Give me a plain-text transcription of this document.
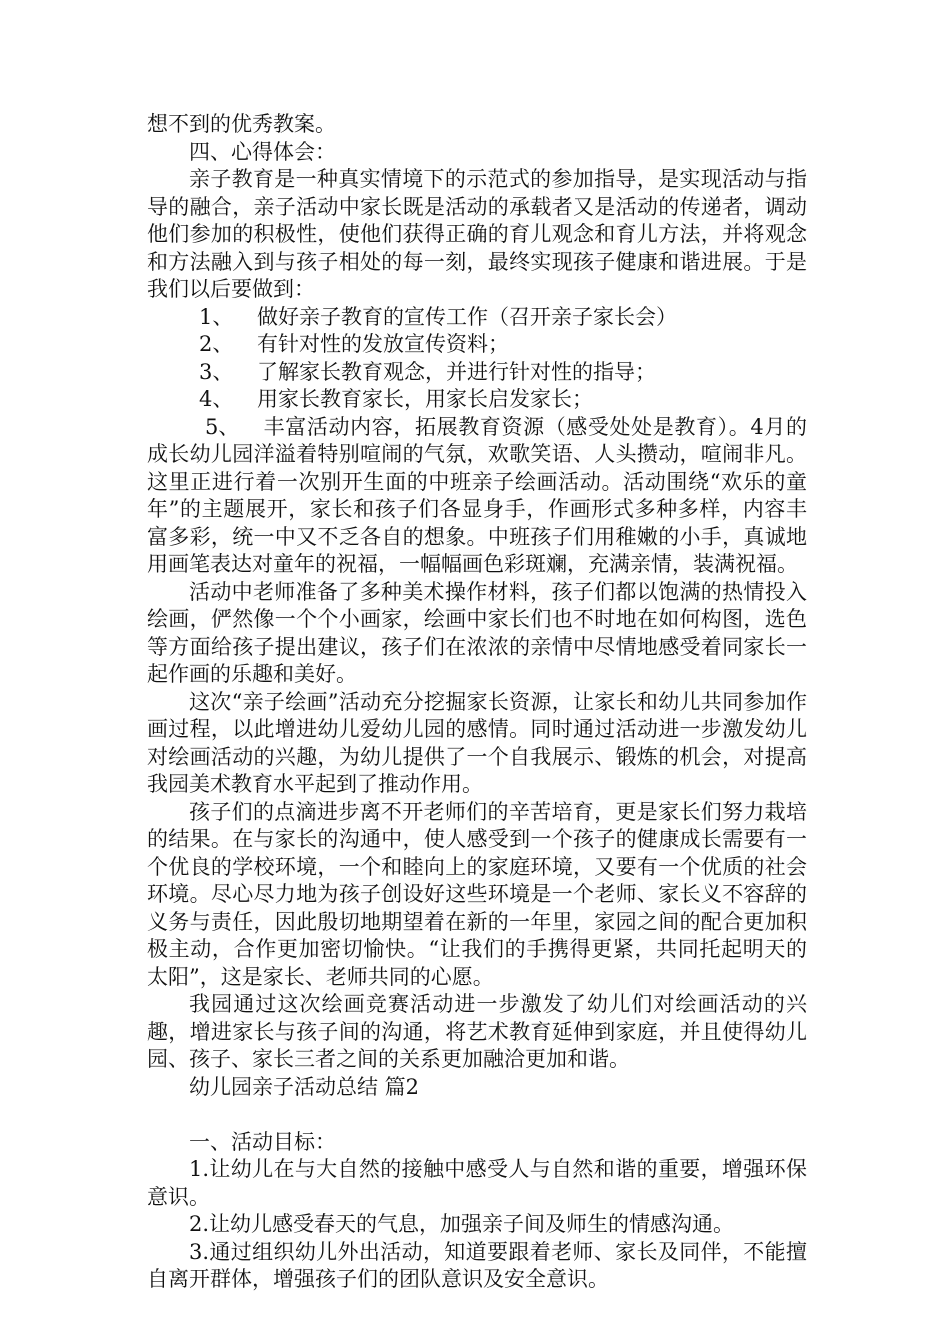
想不到的优秀教案。

四、心得体会：

亲子教育是一种真实情境下的示范式的参加指导，是实现活动与指导的融合，亲子活动中家长既是活动的承载者又是活动的传递者，调动他们参加的积极性，使他们获得正确的育儿观念和育儿方法，并将观念和方法融入到与孩子相处的每一刻，最终实现孩子健康和谐进展。于是我们以后要做到：

1、	做好亲子教育的宣传工作（召开亲子家长会）
2、	有针对性的发放宣传资料；
3、	了解家长教育观念，并进行针对性的指导；
4、	用家长教育家长，用家长启发家长；

5、 丰富活动内容，拓展教育资源（感受处处是教育）。4月的成长幼儿园洋溢着特别喧闹的气氛，欢歌笑语、人头攒动，喧闹非凡。这里正进行着一次别开生面的中班亲子绘画活动。活动围绕“欢乐的童年”的主题展开，家长和孩子们各显身手，作画形式多种多样，内容丰富多彩，统一中又不乏各自的想象。中班孩子们用稚嫩的小手，真诚地用画笔表达对童年的祝福，一幅幅画色彩斑斓，充满亲情，装满祝福。

活动中老师准备了多种美术操作材料，孩子们都以饱满的热情投入绘画，俨然像一个个小画家，绘画中家长们也不时地在如何构图，选色等方面给孩子提出建议，孩子们在浓浓的亲情中尽情地感受着同家长一起作画的乐趣和美好。

这次“亲子绘画”活动充分挖掘家长资源，让家长和幼儿共同参加作画过程，以此增进幼儿爱幼儿园的感情。同时通过活动进一步激发幼儿对绘画活动的兴趣，为幼儿提供了一个自我展示、锻炼的机会，对提高我园美术教育水平起到了推动作用。

孩子们的点滴进步离不开老师们的辛苦培育，更是家长们努力栽培的结果。在与家长的沟通中，使人感受到一个孩子的健康成长需要有一个优良的学校环境，一个和睦向上的家庭环境，又要有一个优质的社会环境。尽心尽力地为孩子创设好这些环境是一个老师、家长义不容辞的义务与责任，因此殷切地期望着在新的一年里，家园之间的配合更加积极主动，合作更加密切愉快。“让我们的手携得更紧，共同托起明天的太阳”，这是家长、老师共同的心愿。

我园通过这次绘画竞赛活动进一步激发了幼儿们对绘画活动的兴趣，增进家长与孩子间的沟通，将艺术教育延伸到家庭，并且使得幼儿园、孩子、家长三者之间的关系更加融洽更加和谐。

幼儿园亲子活动总结 篇2

一、活动目标：

1.让幼儿在与大自然的接触中感受人与自然和谐的重要，增强环保意识。

2.让幼儿感受春天的气息，加强亲子间及师生的情感沟通。

3.通过组织幼儿外出活动，知道要跟着老师、家长及同伴，不能擅自离开群体，增强孩子们的团队意识及安全意识。
